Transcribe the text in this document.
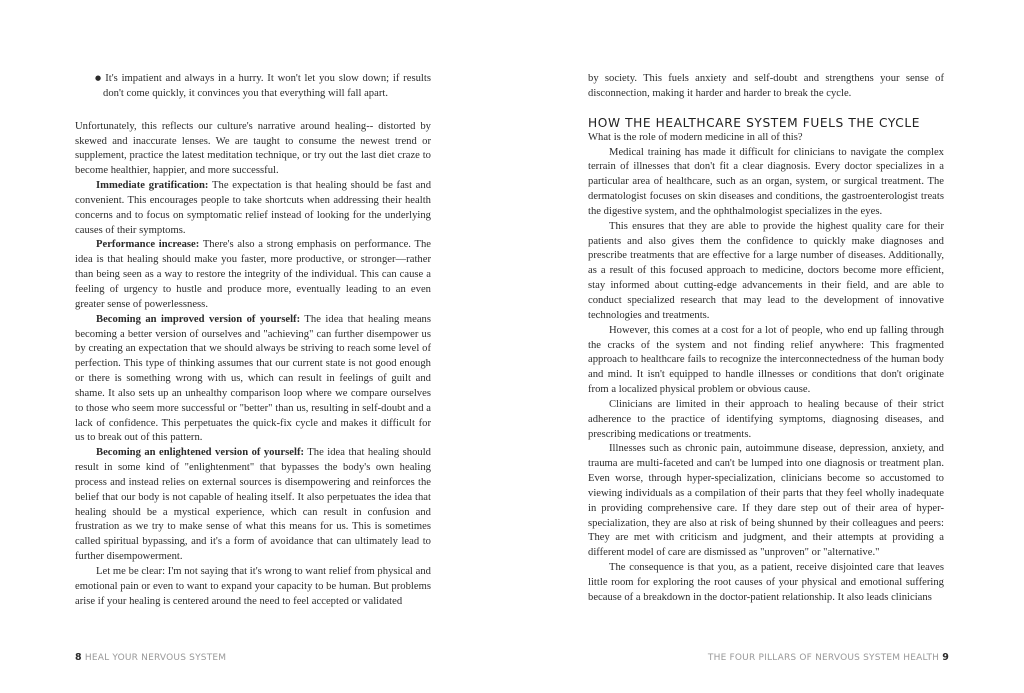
● It's impatient and always in a hurry. It won't let you slow down; if results don't come quickly, it convinces you that everything will fall apart.

Unfortunately, this reflects our culture's narrative around healing-- distorted by skewed and inaccurate lenses. We are taught to consume the newest trend or supplement, practice the latest meditation technique, or try out the last diet craze to become healthier, happier, and more successful.

Immediate gratification: The expectation is that healing should be fast and convenient. This encourages people to take shortcuts when addressing their health concerns and to focus on symptomatic relief instead of looking for the underlying causes of their symptoms.

Performance increase: There's also a strong emphasis on performance. The idea is that healing should make you faster, more productive, or stronger—rather than being seen as a way to restore the integrity of the individual. This can cause a feeling of urgency to hustle and produce more, eventually leading to an even greater sense of powerlessness.

Becoming an improved version of yourself: The idea that healing means becoming a better version of ourselves and "achieving" can further disempower us by creating an expectation that we should always be striving to reach some level of perfection. This type of thinking assumes that our current state is not good enough or there is something wrong with us, which can result in feelings of guilt and shame. It also sets up an unhealthy comparison loop where we compare ourselves to those who seem more successful or "better" than us, resulting in self-doubt and a lack of confidence. This perpetuates the quick-fix cycle and makes it difficult for us to break out of this pattern.

Becoming an enlightened version of yourself: The idea that healing should result in some kind of "enlightenment" that bypasses the body's own healing process and instead relies on external sources is disempowering and reinforces the belief that our body is not capable of healing itself. It also perpetuates the idea that healing should be a mystical experience, which can result in confusion and frustration as we try to make sense of what this means for us. This is sometimes called spiritual bypassing, and it's a form of avoidance that can ultimately lead to further disempowerment.

Let me be clear: I'm not saying that it's wrong to want relief from physical and emotional pain or even to want to expand your capacity to be human. But problems arise if your healing is centered around the need to feel accepted or validated

8 HEAL YOUR NERVOUS SYSTEM

by society. This fuels anxiety and self-doubt and strengthens your sense of disconnection, making it harder and harder to break the cycle.

HOW THE HEALTHCARE SYSTEM FUELS THE CYCLE

What is the role of modern medicine in all of this?

Medical training has made it difficult for clinicians to navigate the complex terrain of illnesses that don't fit a clear diagnosis. Every doctor specializes in a particular area of healthcare, such as an organ, system, or surgical treatment. The dermatologist focuses on skin diseases and conditions, the gastroenterologist treats the digestive system, and the ophthalmologist specializes in the eyes.

This ensures that they are able to provide the highest quality care for their patients and also gives them the confidence to quickly make diagnoses and prescribe treatments that are effective for a large number of diseases. Additionally, as a result of this focused approach to medicine, doctors become more efficient, stay informed about cutting-edge advancements in their field, and are able to conduct specialized research that may lead to the development of innovative technologies and treatments.

However, this comes at a cost for a lot of people, who end up falling through the cracks of the system and not finding relief anywhere: This fragmented approach to healthcare fails to recognize the interconnectedness of the human body and mind. It isn't equipped to handle illnesses or conditions that don't originate from a localized physical problem or obvious cause.

Clinicians are limited in their approach to healing because of their strict adherence to the practice of identifying symptoms, diagnosing diseases, and prescribing medications or treatments.

Illnesses such as chronic pain, autoimmune disease, depression, anxiety, and trauma are multi-faceted and can't be lumped into one diagnosis or treatment plan. Even worse, through hyper-specialization, clinicians become so accustomed to viewing individuals as a compilation of their parts that they feel wholly inadequate in providing comprehensive care. If they dare step out of their area of hyper-specialization, they are also at risk of being shunned by their colleagues and peers: They are met with criticism and judgment, and their attempts at providing a different model of care are dismissed as "unproven" or "alternative."

The consequence is that you, as a patient, receive disjointed care that leaves little room for exploring the root causes of your physical and emotional suffering because of a breakdown in the doctor-patient relationship. It also leads clinicians

THE FOUR PILLARS OF NERVOUS SYSTEM HEALTH 9
